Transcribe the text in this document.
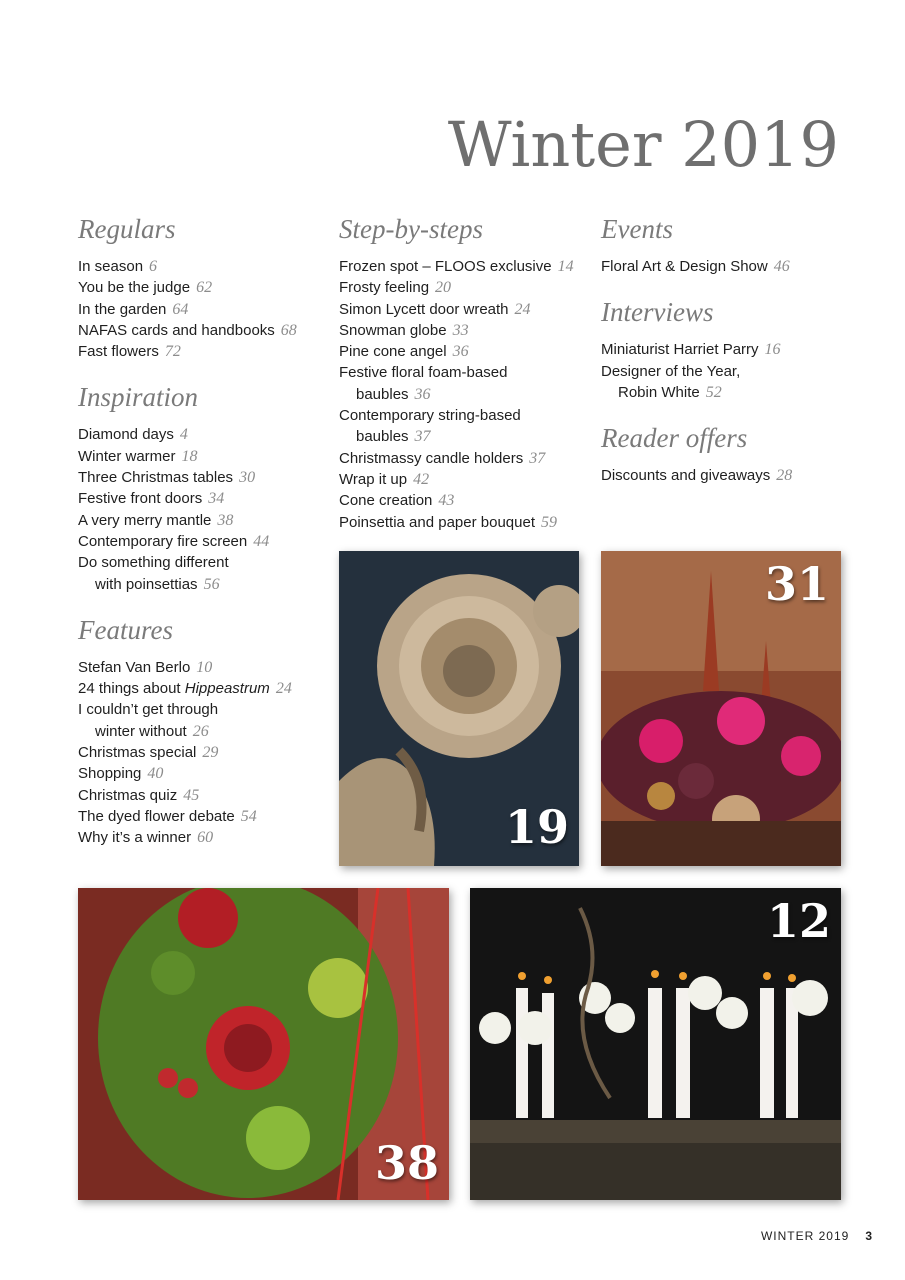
Winter 2019
Regulars

In season 6

You be the judge 62

In the garden 64

NAFAS cards and handbooks 68

Fast flowers 72

Inspiration

Diamond days 4

Winter warmer 18

Three Christmas tables 30

Festive front doors 34

A very merry mantle 38

Contemporary fire screen 44

Do something different
with poinsettias 56

Features

Stefan Van Berlo 10

24 things about Hippeastrum 24

I couldn’t get through
winter without 26

Christmas special 29

Shopping 40

Christmas quiz 45

The dyed flower debate 54

Why it’s a winner 60

Step-by-steps

Frozen spot – FLOOS exclusive 14

Frosty feeling 20

Simon Lycett door wreath 24

Snowman globe 33

Pine cone angel 36

Festive floral foam-based
baubles 36

Contemporary string-based
baubles 37

Christmassy candle holders 37

Wrap it up 42

Cone creation 43

Poinsettia and paper bouquet 59

Events

Floral Art & Design Show 46

Interviews

Miniaturist Harriet Parry 16

Designer of the Year,
Robin White 52

Reader offers

Discounts and giveaways 28

19
31
38
12
WINTER 2019 3
